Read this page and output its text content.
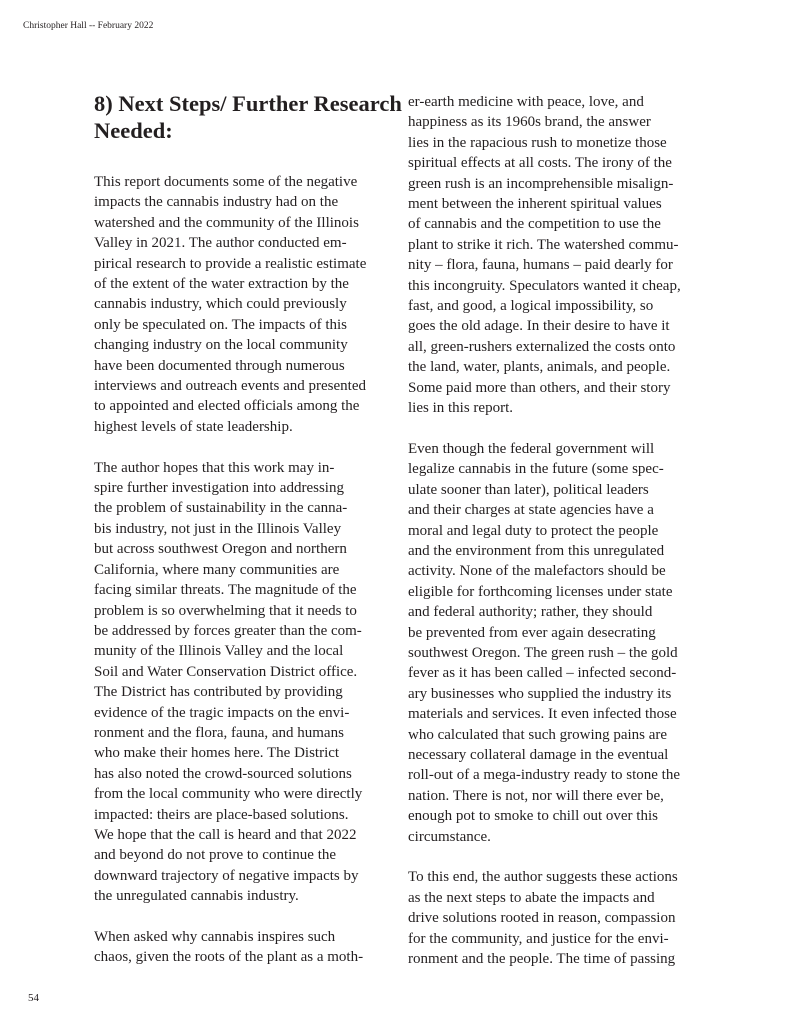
Christopher Hall -- February 2022
8) Next Steps/ Further Research
Needed:

This report documents some of the negative
impacts the cannabis industry had on the
watershed and the community of the Illinois
Valley in 2021. The author conducted em-
pirical research to provide a realistic estimate
of the extent of the water extraction by the
cannabis industry, which could previously
only be speculated on. The impacts of this
changing industry on the local community
have been documented through numerous
interviews and outreach events and presented
to appointed and elected officials among the
highest levels of state leadership.

The author hopes that this work may in-
spire further investigation into addressing
the problem of sustainability in the canna-
bis industry, not just in the Illinois Valley
but across southwest Oregon and northern
California, where many communities are
facing similar threats. The magnitude of the
problem is so overwhelming that it needs to
be addressed by forces greater than the com-
munity of the Illinois Valley and the local
Soil and Water Conservation District office.
The District has contributed by providing
evidence of the tragic impacts on the envi-
ronment and the flora, fauna, and humans
who make their homes here. The District
has also noted the crowd-sourced solutions
from the local community who were directly
impacted: theirs are place-based solutions.
We hope that the call is heard and that 2022
and beyond do not prove to continue the
downward trajectory of negative impacts by
the unregulated cannabis industry.

When asked why cannabis inspires such
chaos, given the roots of the plant as a moth-

er-earth medicine with peace, love, and
happiness as its 1960s brand, the answer
lies in the rapacious rush to monetize those
spiritual effects at all costs. The irony of the
green rush is an incomprehensible misalign-
ment between the inherent spiritual values
of cannabis and the competition to use the
plant to strike it rich. The watershed commu-
nity – flora, fauna, humans – paid dearly for
this incongruity. Speculators wanted it cheap,
fast, and good, a logical impossibility, so
goes the old adage. In their desire to have it
all, green-rushers externalized the costs onto
the land, water, plants, animals, and people.
Some paid more than others, and their story
lies in this report.

Even though the federal government will
legalize cannabis in the future (some spec-
ulate sooner than later), political leaders
and their charges at state agencies have a
moral and legal duty to protect the people
and the environment from this unregulated
activity. None of the malefactors should be
eligible for forthcoming licenses under state
and federal authority; rather, they should
be prevented from ever again desecrating
southwest Oregon. The green rush – the gold
fever as it has been called – infected second-
ary businesses who supplied the industry its
materials and services. It even infected those
who calculated that such growing pains are
necessary collateral damage in the eventual
roll-out of a mega-industry ready to stone the
nation. There is not, nor will there ever be,
enough pot to smoke to chill out over this
circumstance.

To this end, the author suggests these actions
as the next steps to abate the impacts and
drive solutions rooted in reason, compassion
for the community, and justice for the envi-
ronment and the people. The time of passing

54
